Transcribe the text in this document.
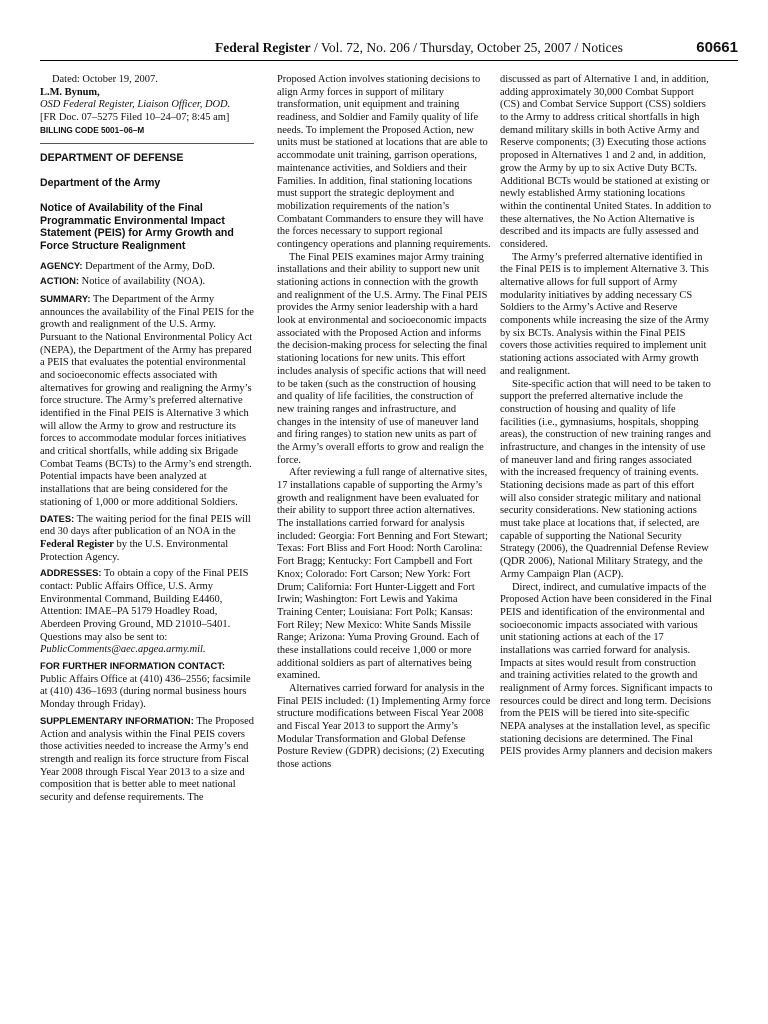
Federal Register / Vol. 72, No. 206 / Thursday, October 25, 2007 / Notices	60661

Dated: October 19, 2007.

L.M. Bynum,

OSD Federal Register, Liaison Officer, DOD.

[FR Doc. 07–5275 Filed 10–24–07; 8:45 am]

BILLING CODE 5001–06–M

DEPARTMENT OF DEFENSE

Department of the Army

Notice of Availability of the Final Programmatic Environmental Impact Statement (PEIS) for Army Growth and Force Structure Realignment

AGENCY: Department of the Army, DoD.

ACTION: Notice of availability (NOA).

SUMMARY: The Department of the Army announces the availability of the Final PEIS for the growth and realignment of the U.S. Army. Pursuant to the National Environmental Policy Act (NEPA), the Department of the Army has prepared a PEIS that evaluates the potential environmental and socioeconomic effects associated with alternatives for growing and realigning the Army’s force structure. The Army’s preferred alternative identified in the Final PEIS is Alternative 3 which will allow the Army to grow and restructure its forces to accommodate modular forces initiatives and critical shortfalls, while adding six Brigade Combat Teams (BCTs) to the Army’s end strength. Potential impacts have been analyzed at installations that are being considered for the stationing of 1,000 or more additional Soldiers.

DATES: The waiting period for the final PEIS will end 30 days after publication of an NOA in the Federal Register by the U.S. Environmental Protection Agency.

ADDRESSES: To obtain a copy of the Final PEIS contact: Public Affairs Office, U.S. Army Environmental Command, Building E4460, Attention: IMAE–PA 5179 Hoadley Road, Aberdeen Proving Ground, MD 21010–5401. Questions may also be sent to: PublicComments@aec.apgea.army.mil.

FOR FURTHER INFORMATION CONTACT: Public Affairs Office at (410) 436–2556; facsimile at (410) 436–1693 (during normal business hours Monday through Friday).

SUPPLEMENTARY INFORMATION: The Proposed Action and analysis within the Final PEIS covers those activities needed to increase the Army’s end strength and realign its force structure from Fiscal Year 2008 through Fiscal Year 2013 to a size and composition that is better able to meet national security and defense requirements. The

Proposed Action involves stationing decisions to align Army forces in support of military transformation, unit equipment and training readiness, and Soldier and Family quality of life needs. To implement the Proposed Action, new units must be stationed at locations that are able to accommodate unit training, garrison operations, maintenance activities, and Soldiers and their Families. In addition, final stationing locations must support the strategic deployment and mobilization requirements of the nation’s Combatant Commanders to ensure they will have the forces necessary to support regional contingency operations and planning requirements.

The Final PEIS examines major Army training installations and their ability to support new unit stationing actions in connection with the growth and realignment of the U.S. Army. The Final PEIS provides the Army senior leadership with a hard look at environmental and socioeconomic impacts associated with the Proposed Action and informs the decision-making process for selecting the final stationing locations for new units. This effort includes analysis of specific actions that will need to be taken (such as the construction of housing and quality of life facilities, the construction of new training ranges and infrastructure, and changes in the intensity of use of maneuver land and firing ranges) to station new units as part of the Army’s overall efforts to grow and realign the force.

After reviewing a full range of alternative sites, 17 installations capable of supporting the Army’s growth and realignment have been evaluated for their ability to support three action alternatives. The installations carried forward for analysis included: Georgia: Fort Benning and Fort Stewart; Texas: Fort Bliss and Fort Hood: North Carolina: Fort Bragg; Kentucky: Fort Campbell and Fort Knox; Colorado: Fort Carson; New York: Fort Drum; California: Fort Hunter-Liggett and Fort Irwin; Washington: Fort Lewis and Yakima Training Center; Louisiana: Fort Polk; Kansas: Fort Riley; New Mexico: White Sands Missile Range; Arizona: Yuma Proving Ground. Each of these installations could receive 1,000 or more additional soldiers as part of alternatives being examined.

Alternatives carried forward for analysis in the Final PEIS included: (1) Implementing Army force structure modifications between Fiscal Year 2008 and Fiscal Year 2013 to support the Army’s Modular Transformation and Global Defense Posture Review (GDPR) decisions; (2) Executing those actions

discussed as part of Alternative 1 and, in addition, adding approximately 30,000 Combat Support (CS) and Combat Service Support (CSS) soldiers to the Army to address critical shortfalls in high demand military skills in both Active Army and Reserve components; (3) Executing those actions proposed in Alternatives 1 and 2 and, in addition, grow the Army by up to six Active Duty BCTs. Additional BCTs would be stationed at existing or newly established Army stationing locations within the continental United States. In addition to these alternatives, the No Action Alternative is described and its impacts are fully assessed and considered.

The Army’s preferred alternative identified in the Final PEIS is to implement Alternative 3. This alternative allows for full support of Army modularity initiatives by adding necessary CS Soldiers to the Army’s Active and Reserve components while increasing the size of the Army by six BCTs. Analysis within the Final PEIS covers those activities required to implement unit stationing actions associated with Army growth and realignment.

Site-specific action that will need to be taken to support the preferred alternative include the construction of housing and quality of life facilities (i.e., gymnasiums, hospitals, shopping areas), the construction of new training ranges and infrastructure, and changes in the intensity of use of maneuver land and firing ranges associated with the increased frequency of training events. Stationing decisions made as part of this effort will also consider strategic military and national security considerations. New stationing actions must take place at locations that, if selected, are capable of supporting the National Security Strategy (2006), the Quadrennial Defense Review (QDR 2006), National Military Strategy, and the Army Campaign Plan (ACP).

Direct, indirect, and cumulative impacts of the Proposed Action have been considered in the Final PEIS and identification of the environmental and socioeconomic impacts associated with various unit stationing actions at each of the 17 installations was carried forward for analysis. Impacts at sites would result from construction and training activities related to the growth and realignment of Army forces. Significant impacts to resources could be direct and long term. Decisions from the PEIS will be tiered into site-specific NEPA analyses at the installation level, as specific stationing decisions are determined. The Final PEIS provides Army planners and decision makers
